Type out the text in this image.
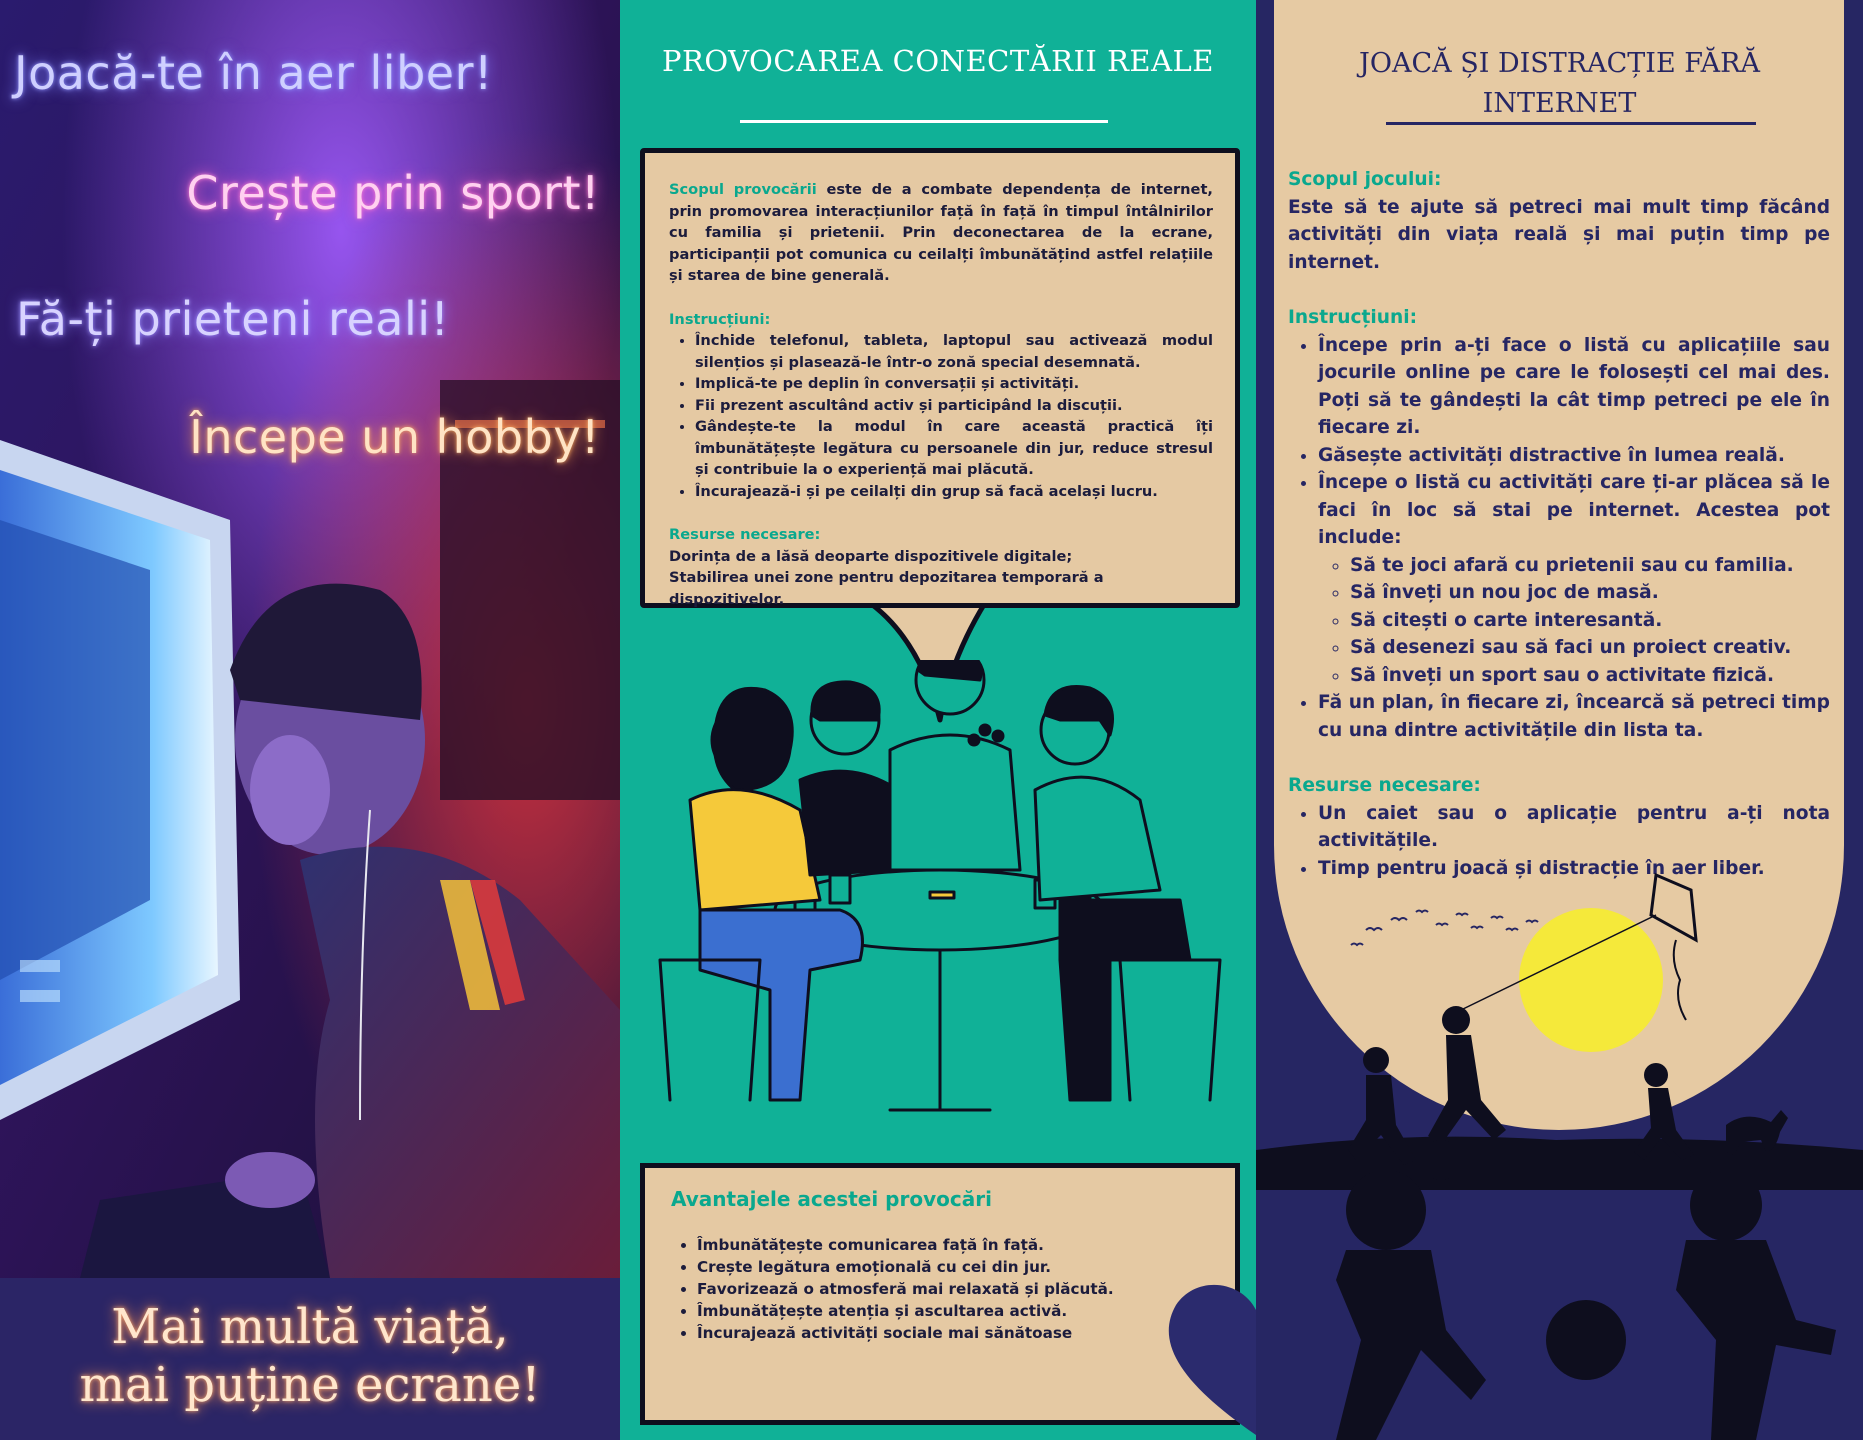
Joacă-te în aer liber!
Crește prin sport!
Fă-ți prieteni reali!
Începe un hobby!
Mai multă viață,
mai puține ecrane!
PROVOCAREA CONECTĂRII REALE

Scopul provocării este de a combate dependența de internet, prin promovarea interacțiunilor față în față în timpul întâlnirilor cu familia și prietenii. Prin deconectarea de la ecrane, participanții pot comunica cu ceilalți îmbunătățind astfel relațiile și starea de bine generală.

Instrucțiuni:
• Închide telefonul, tableta, laptopul sau activează modul silențios și plasează-le într-o zonă special desemnată.
• Implică-te pe deplin în conversații și activități.
• Fii prezent ascultând activ și participând la discuții.
• Gândește-te la modul în care această practică îți îmbunătățește legătura cu persoanele din jur, reduce stresul și contribuie la o experiență mai plăcută.
• Încurajează-i și pe ceilalți din grup să facă același lucru.
Resurse necesare:
Dorința de a lăsă deoparte dispozitivele digitale;
Stabilirea unei zone pentru depozitarea temporară a dispozitivelor.
Avantajele acestei provocări
• Îmbunătățește comunicarea față în față.
• Crește legătura emoțională cu cei din jur.
• Favorizează o atmosferă mai relaxată și plăcută.
• Îmbunătățește atenția și ascultarea activă.
• Încurajează activități sociale mai sănătoase
JOACĂ ȘI DISTRACȚIE FĂRĂ
INTERNET
Scopul jocului:

Este să te ajute să petreci mai mult timp făcând activități din viața reală și mai puțin timp pe internet.

Instrucțiuni:
• Începe prin a-ți face o listă cu aplicațiile sau jocurile online pe care le folosești cel mai des. Poți să te gândești la cât timp petreci pe ele în fiecare zi.
• Găsește activități distractive în lumea reală.
• Începe o listă cu activități care ți-ar plăcea să le faci în loc să stai pe internet. Acestea pot include:
◦ Să te joci afară cu prietenii sau cu familia.
◦ Să înveți un nou joc de masă.
◦ Să citești o carte interesantă.
◦ Să desenezi sau să faci un proiect creativ.
◦ Să înveți un sport sau o activitate fizică.
• Fă un plan, în fiecare zi, încearcă să petreci timp cu una dintre activitățile din lista ta.
Resurse necesare:
• Un caiet sau o aplicație pentru a-ți nota activitățile.
• Timp pentru joacă și distracție în aer liber.
